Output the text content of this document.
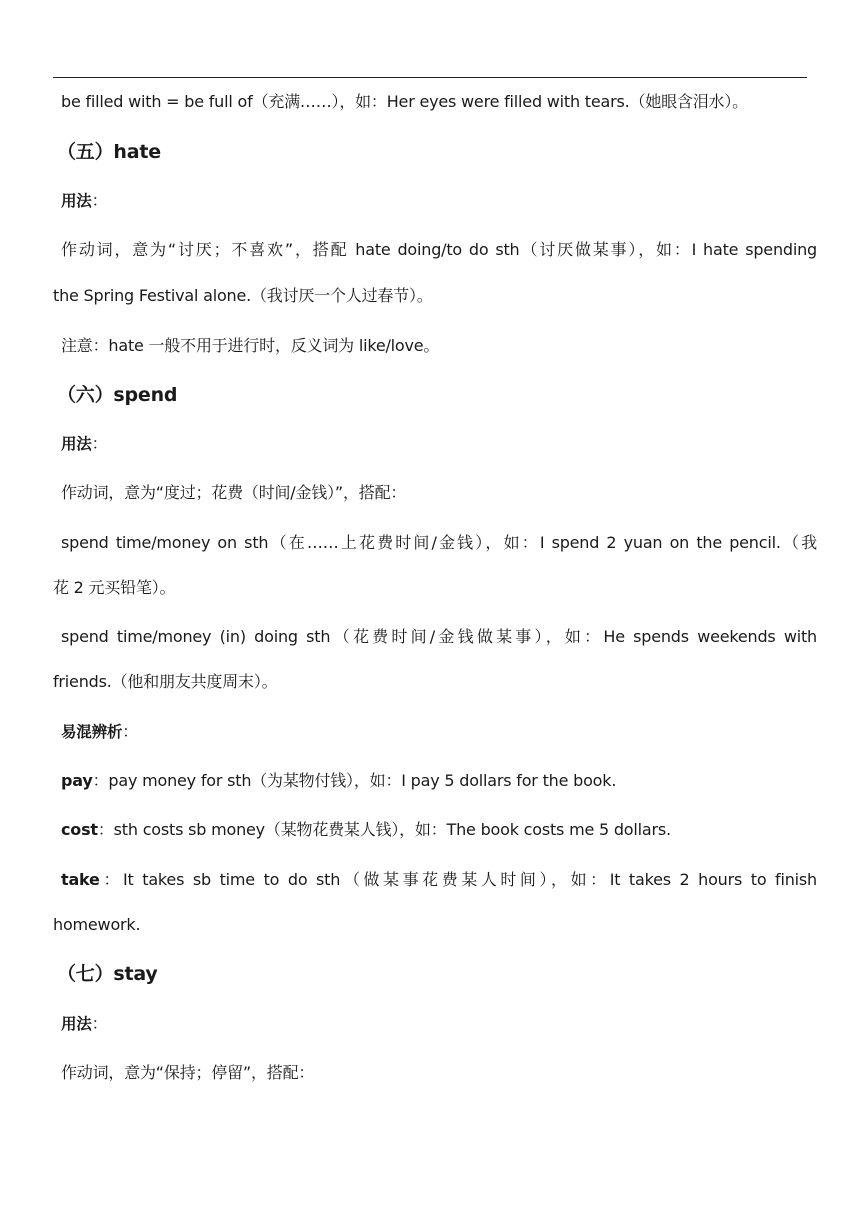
be filled with = be full of（充满……），如：Her eyes were filled with tears.（她眼含泪水）。
（五）hate
用法：
作动词，意为“讨厌；不喜欢”，搭配 hate doing/to do sth（讨厌做某事），如：I hate spending
the Spring Festival alone.（我讨厌一个人过春节）。
注意：hate 一般不用于进行时，反义词为 like/love。
（六）spend
用法：
作动词，意为“度过；花费（时间/金钱）”，搭配：
spend time/money on sth（在……上花费时间/金钱），如：I spend 2 yuan on the pencil.（我
花 2 元买铅笔）。
spend time/money (in) doing sth（花费时间/金钱做某事），如：He spends weekends with
friends.（他和朋友共度周末）。
易混辨析：
pay：pay money for sth（为某物付钱），如：I pay 5 dollars for the book.
cost：sth costs sb money（某物花费某人钱），如：The book costs me 5 dollars.
take：It takes sb time to do sth（做某事花费某人时间），如：It takes 2 hours to finish
homework.
（七）stay
用法：
作动词，意为“保持；停留”，搭配：
